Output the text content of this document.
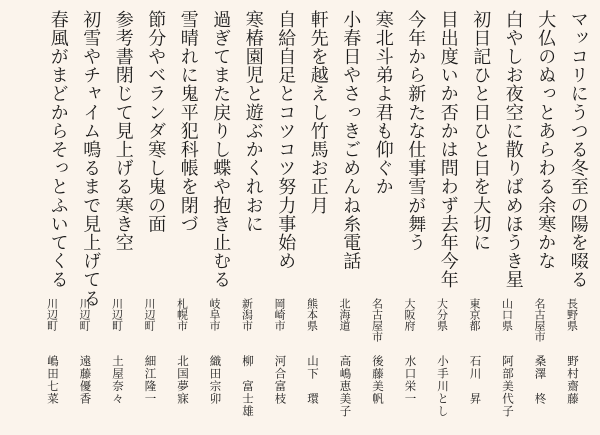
マッコリにうつる冬至の陽を啜る
長野県
野村齋藤
大仏のぬっとあらわる余寒かな
名古屋市
桑澤　柊
白やしお夜空に散りばめほうき星
山口県
阿部美代子
初日記ひと日ひと日を大切に
東京都
石川　昇
目出度いか否かは問わず去年今年
大分県
小手川とし
今年から新たな仕事雪が舞う
大阪府
水口栄一
寒北斗弟よ君も仰ぐか
名古屋市
後藤美帆
小春日やさっきごめんね糸電話
北海道
高嶋恵美子
軒先を越えし竹馬お正月
熊本県
山下　環
自給自足とコツコツ努力事始め
岡崎市
河合富枝
寒椿園児と遊ぶかくれおに
新潟市
柳　富士雄
過ぎてまた戻りし蝶や抱き止むる
岐阜市
織田宗卯
雪晴れに鬼平犯科帳を閉づ
札幌市
北国夢寐
節分やベランダ寒し鬼の面
川辺町
細江隆一
参考書閉じて見上げる寒き空
川辺町
土屋奈々
初雪やチャイム鳴るまで見上げてる
川辺町
遠藤優香
春風がまどからそっとふいてくる
川辺町
嶋田七菜
